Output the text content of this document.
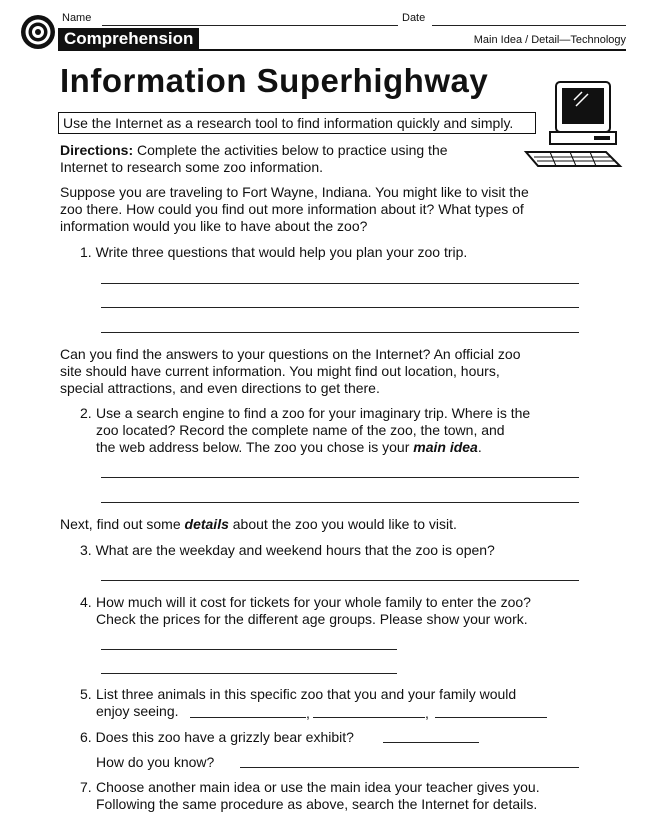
Name	Date
Comprehension	Main Idea / Detail—Technology
Information Superhighway
Use the Internet as a research tool to find information quickly and simply.
Directions: Complete the activities below to practice using the
Internet to research some zoo information.
Suppose you are traveling to Fort Wayne, Indiana. You might like to visit the
zoo there. How could you find out more information about it? What types of
information would you like to have about the zoo?
1. Write three questions that would help you plan your zoo trip.
Can you find the answers to your questions on the Internet? An official zoo
site should have current information. You might find out location, hours,
special attractions, and even directions to get there.
2. Use a search engine to find a zoo for your imaginary trip. Where is the
zoo located? Record the complete name of the zoo, the town, and
the web address below. The zoo you chose is your main idea.
Next, find out some details about the zoo you would like to visit.
3. What are the weekday and weekend hours that the zoo is open?
4. How much will it cost for tickets for your whole family to enter the zoo?
Check the prices for the different age groups. Please show your work.
5. List three animals in this specific zoo that you and your family would
enjoy seeing.	,	,
6. Does this zoo have a grizzly bear exhibit?
How do you know?
7. Choose another main idea or use the main idea your teacher gives you.
Following the same procedure as above, search the Internet for details.
